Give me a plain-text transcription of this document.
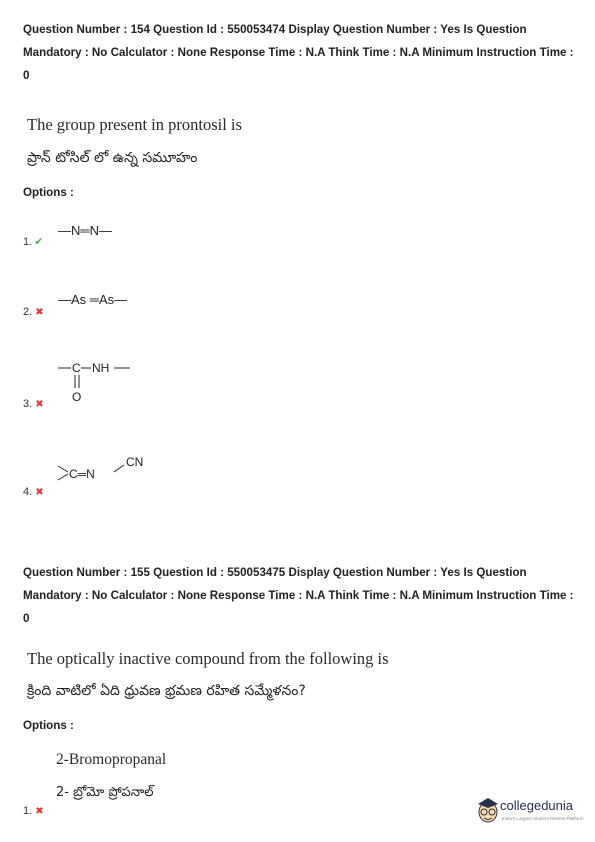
Question Number : 154 Question Id : 550053474 Display Question Number : Yes Is Question Mandatory : No Calculator : None Response Time : N.A Think Time : N.A Minimum Instruction Time : 0
The group present in prontosil is
ప్రాన్ టోసిల్ లో ఉన్న సమూహం
Options :
1. ✔
—N═N—
2. ✖
—As ═As—
3. ✖
C NH
O
4. ✖
C═N
CN
Question Number : 155 Question Id : 550053475 Display Question Number : Yes Is Question Mandatory : No Calculator : None Response Time : N.A Think Time : N.A Minimum Instruction Time : 0
The optically inactive compound from the following is
క్రింది వాటిలో ఏది ధ్రువణ భ్రమణ రహిత సమ్మేళనం?
Options :
2-Bromopropanal
2- బ్రోమో ప్రోపనాల్
1. ✖	collegedunia
India's Largest Student Review Platform
